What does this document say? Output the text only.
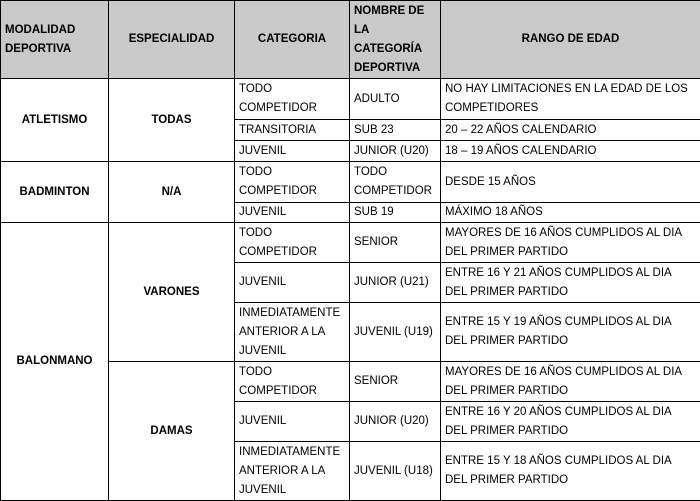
MODALIDAD DEPORTIVA	ESPECIALIDAD	CATEGORIA	NOMBRE DE LA CATEGORÍA DEPORTIVA	RANGO DE EDAD
ATLETISMO	TODAS	TODO COMPETIDOR	ADULTO	NO HAY LIMITACIONES EN LA EDAD DE LOS COMPETIDORES
		TRANSITORIA	SUB 23	20 – 22 AÑOS CALENDARIO
		JUVENIL	JUNIOR (U20)	18 – 19 AÑOS CALENDARIO
BADMINTON	N/A	TODO COMPETIDOR	TODO COMPETIDOR	DESDE 15 AÑOS
		JUVENIL	SUB 19	MÁXIMO 18 AÑOS
BALONMANO	VARONES	TODO COMPETIDOR	SENIOR	MAYORES DE 16 AÑOS CUMPLIDOS AL DIA DEL PRIMER PARTIDO
		JUVENIL	JUNIOR (U21)	ENTRE 16 Y 21 AÑOS CUMPLIDOS AL DIA DEL PRIMER PARTIDO
		INMEDIATAMENTE ANTERIOR A LA JUVENIL	JUVENIL (U19)	ENTRE 15 Y 19 AÑOS CUMPLIDOS AL DIA DEL PRIMER PARTIDO
	DAMAS	TODO COMPETIDOR	SENIOR	MAYORES DE 16 AÑOS CUMPLIDOS AL DIA DEL PRIMER PARTIDO
		JUVENIL	JUNIOR (U20)	ENTRE 16 Y 20 AÑOS CUMPLIDOS AL DIA DEL PRIMER PARTIDO
		INMEDIATAMENTE ANTERIOR A LA JUVENIL	JUVENIL (U18)	ENTRE 15 Y 18 AÑOS CUMPLIDOS AL DIA DEL PRIMER PARTIDO
